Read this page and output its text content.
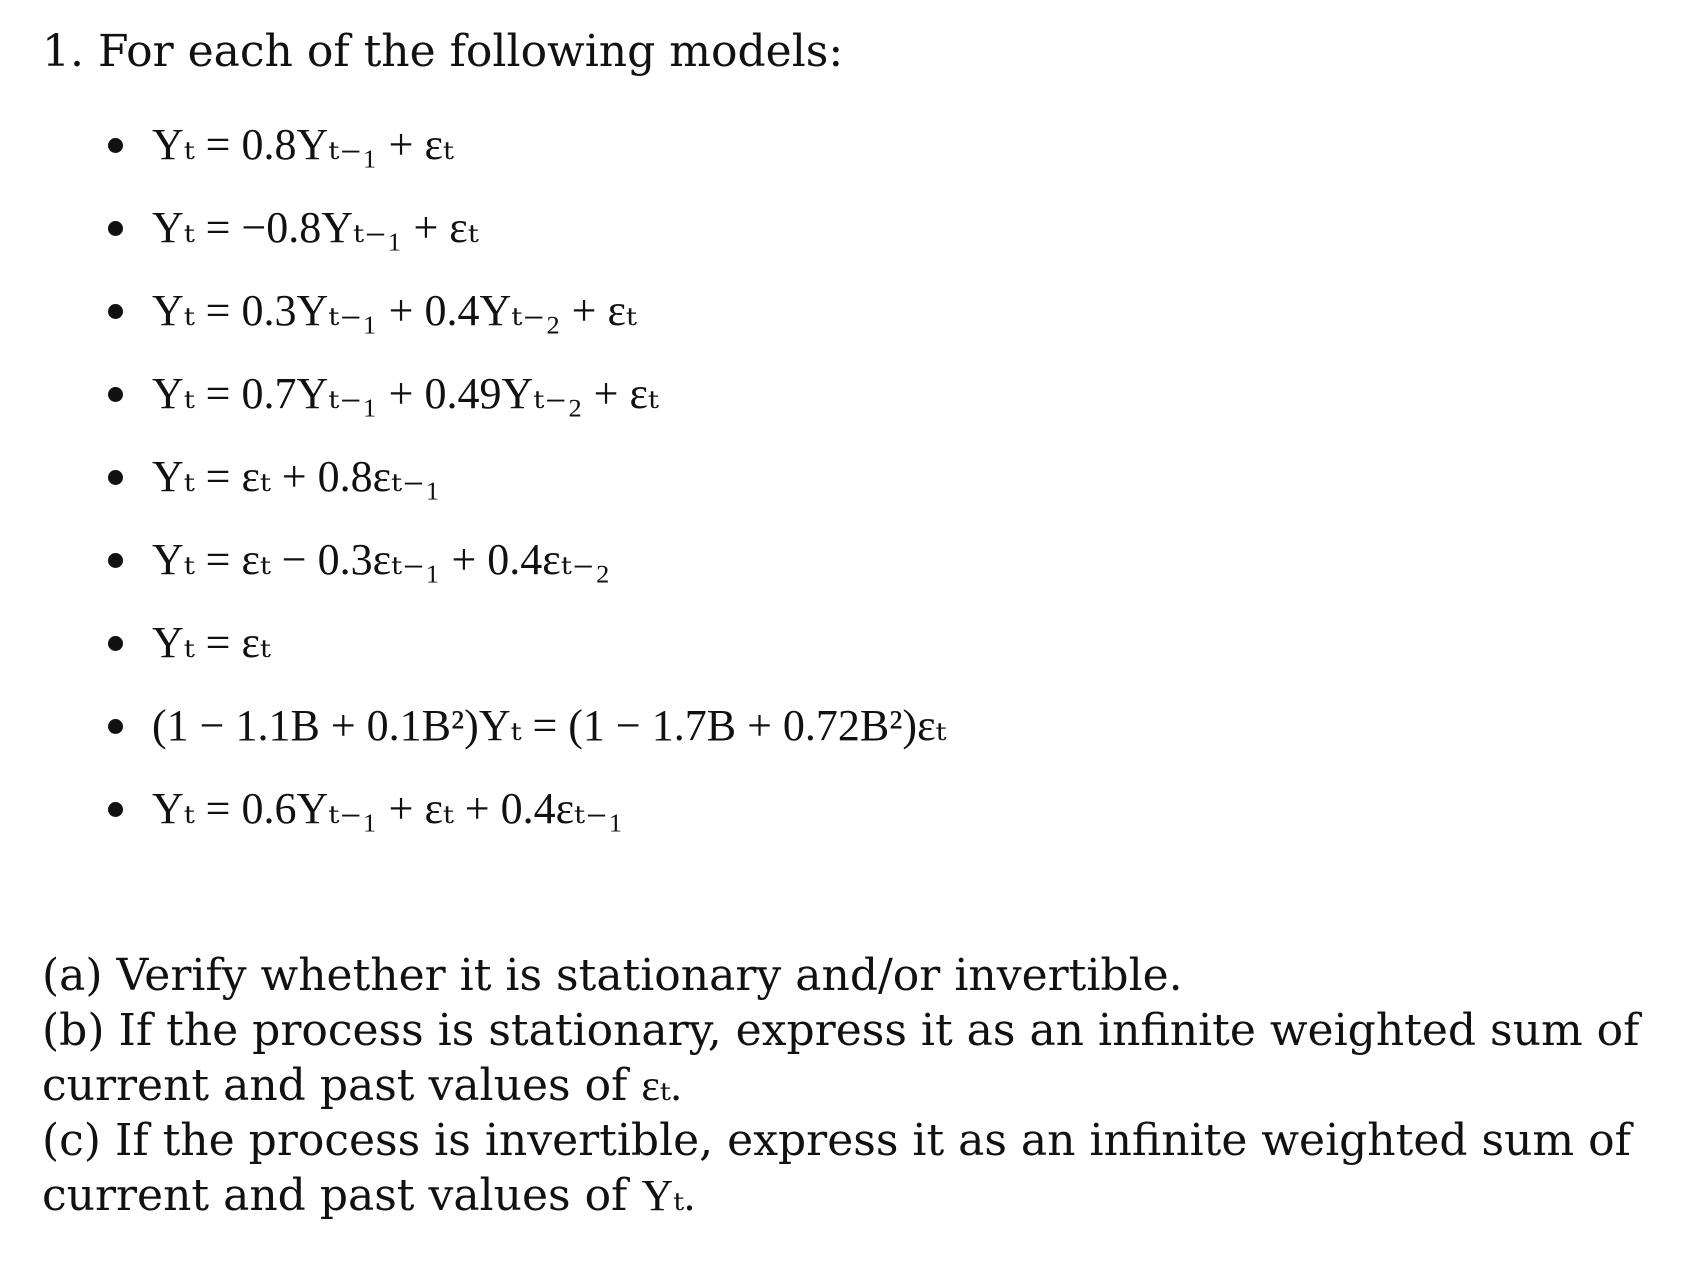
1. For each of the following models:
Yₜ = 0.8Yₜ₋₁ + εₜ
Yₜ = −0.8Yₜ₋₁ + εₜ
Yₜ = 0.3Yₜ₋₁ + 0.4Yₜ₋₂ + εₜ
Yₜ = 0.7Yₜ₋₁ + 0.49Yₜ₋₂ + εₜ
Yₜ = εₜ + 0.8εₜ₋₁
Yₜ = εₜ − 0.3εₜ₋₁ + 0.4εₜ₋₂
Yₜ = εₜ
(1 − 1.1B + 0.1B²)Yₜ = (1 − 1.7B + 0.72B²)εₜ
Yₜ = 0.6Yₜ₋₁ + εₜ + 0.4εₜ₋₁

(a) Verify whether it is stationary and/or invertible.

(b) If the process is stationary, express it as an infinite weighted sum of current and past values of εₜ.

(c) If the process is invertible, express it as an infinite weighted sum of current and past values of Yₜ.
